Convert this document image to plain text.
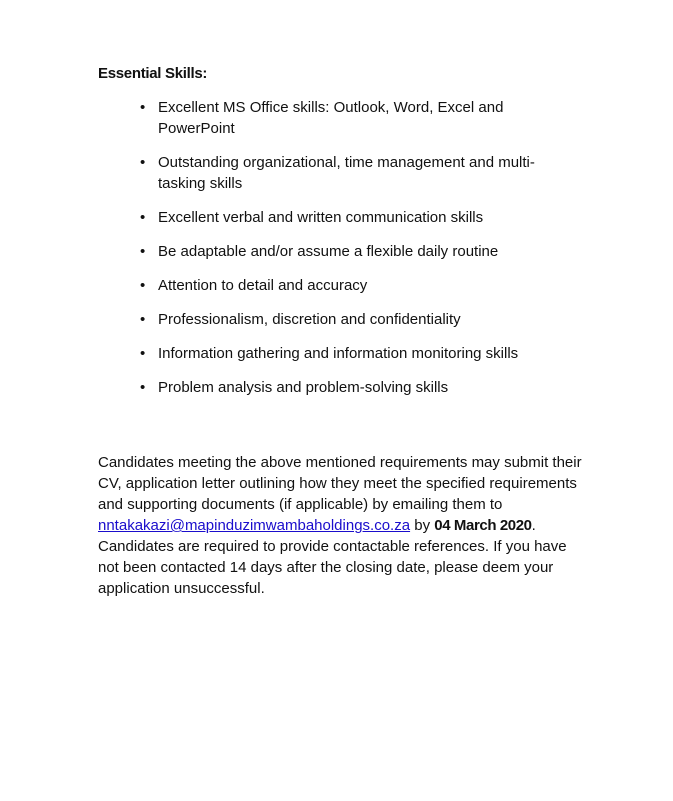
Essential Skills:
• Excellent MS Office skills: Outlook, Word, Excel and PowerPoint
• Outstanding organizational, time management and multi-tasking skills
• Excellent verbal and written communication skills
• Be adaptable and/or assume a flexible daily routine
• Attention to detail and accuracy
• Professionalism, discretion and confidentiality
• Information gathering and information monitoring skills
• Problem analysis and problem-solving skills

Candidates meeting the above mentioned requirements may submit their CV, application letter outlining how they meet the specified requirements and supporting documents (if applicable) by emailing them to nntakakazi@mapinduzimwambaholdings.co.za by 04 March 2020. Candidates are required to provide contactable references. If you have not been contacted 14 days after the closing date, please deem your application unsuccessful.
